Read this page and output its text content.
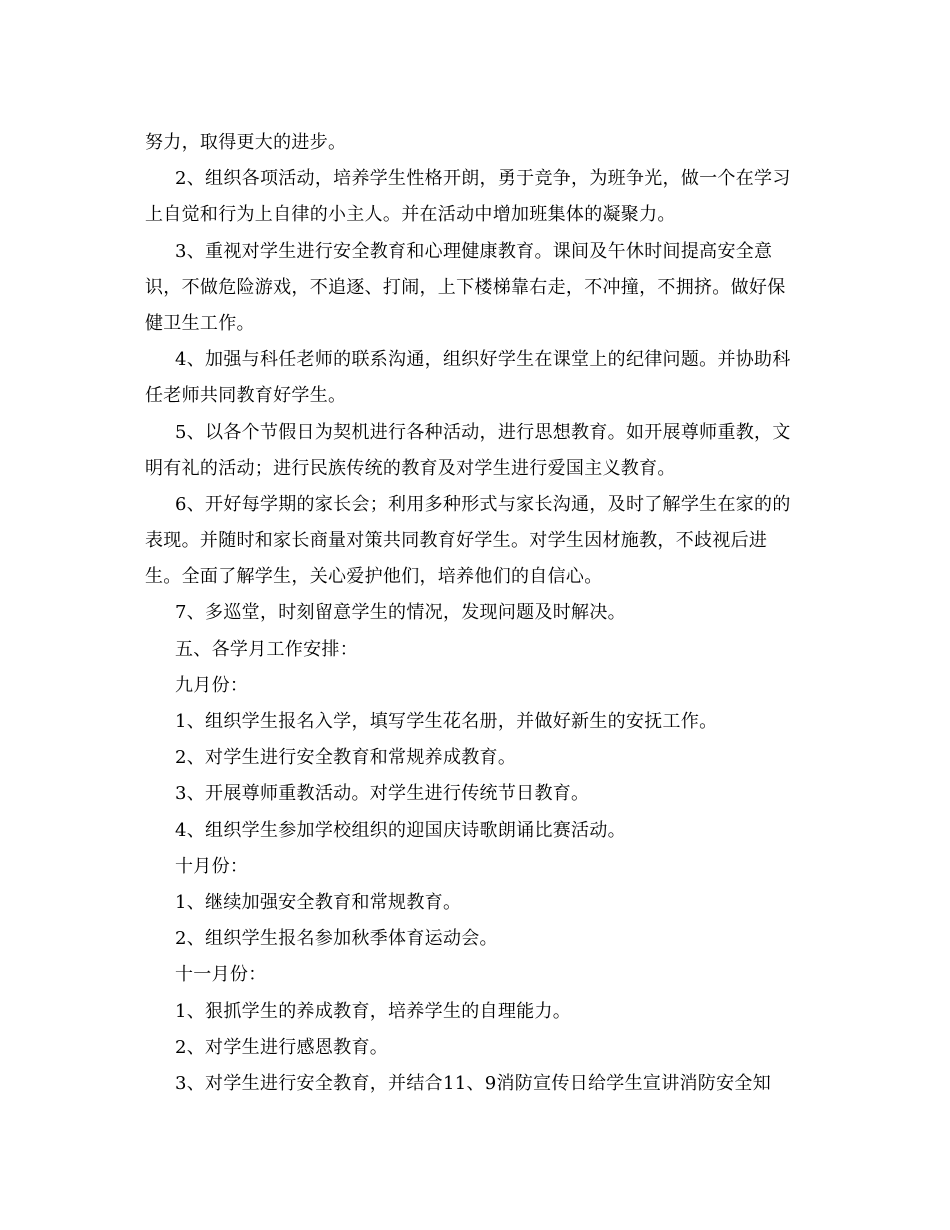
努力，取得更大的进步。
2、组织各项活动，培养学生性格开朗，勇于竞争，为班争光，做一个在学习
上自觉和行为上自律的小主人。并在活动中增加班集体的凝聚力。
3、重视对学生进行安全教育和心理健康教育。课间及午休时间提高安全意
识，不做危险游戏，不追逐、打闹，上下楼梯靠右走，不冲撞，不拥挤。做好保
健卫生工作。
4、加强与科任老师的联系沟通，组织好学生在课堂上的纪律问题。并协助科
任老师共同教育好学生。
5、以各个节假日为契机进行各种活动，进行思想教育。如开展尊师重教，文
明有礼的活动；进行民族传统的教育及对学生进行爱国主义教育。
6、开好每学期的家长会；利用多种形式与家长沟通，及时了解学生在家的的
表现。并随时和家长商量对策共同教育好学生。对学生因材施教，不歧视后进
生。全面了解学生，关心爱护他们，培养他们的自信心。
7、多巡堂，时刻留意学生的情况，发现问题及时解决。
五、各学月工作安排：
九月份：
1、组织学生报名入学，填写学生花名册，并做好新生的安抚工作。
2、对学生进行安全教育和常规养成教育。
3、开展尊师重教活动。对学生进行传统节日教育。
4、组织学生参加学校组织的迎国庆诗歌朗诵比赛活动。
十月份：
1、继续加强安全教育和常规教育。
2、组织学生报名参加秋季体育运动会。
十一月份：
1、狠抓学生的养成教育，培养学生的自理能力。
2、对学生进行感恩教育。
3、对学生进行安全教育，并结合11、9消防宣传日给学生宣讲消防安全知
